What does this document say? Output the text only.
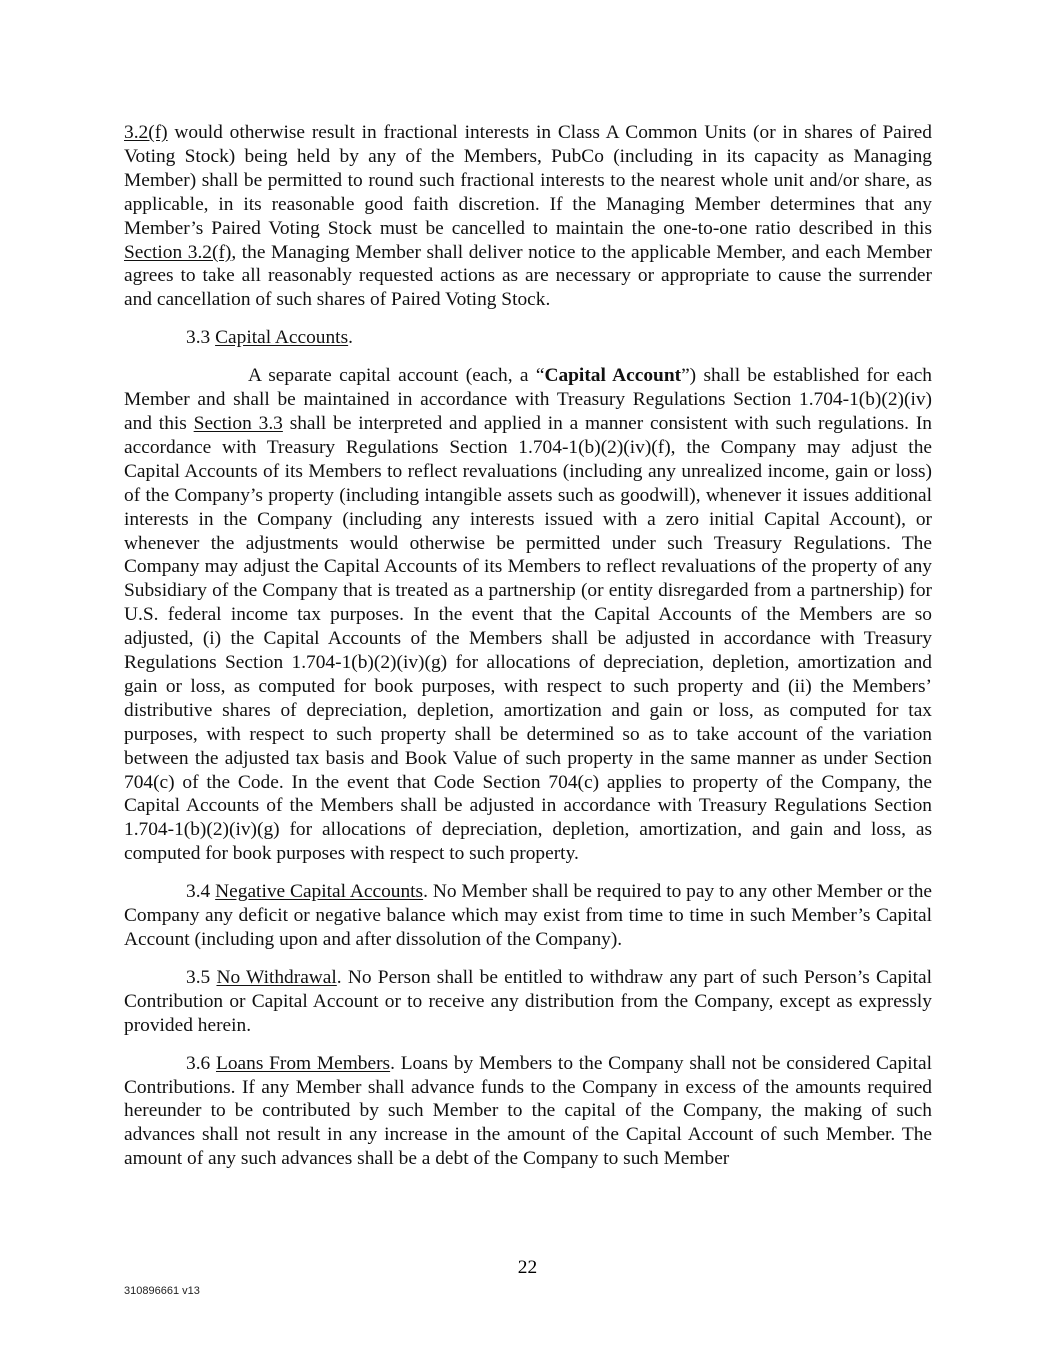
3.2(f) would otherwise result in fractional interests in Class A Common Units (or in shares of Paired Voting Stock) being held by any of the Members, PubCo (including in its capacity as Managing Member) shall be permitted to round such fractional interests to the nearest whole unit and/or share, as applicable, in its reasonable good faith discretion. If the Managing Member determines that any Member’s Paired Voting Stock must be cancelled to maintain the one-to-one ratio described in this Section 3.2(f), the Managing Member shall deliver notice to the applicable Member, and each Member agrees to take all reasonably requested actions as are necessary or appropriate to cause the surrender and cancellation of such shares of Paired Voting Stock.

3.3 Capital Accounts.

A separate capital account (each, a “Capital Account”) shall be established for each Member and shall be maintained in accordance with Treasury Regulations Section 1.704-1(b)(2)(iv) and this Section 3.3 shall be interpreted and applied in a manner consistent with such regulations. In accordance with Treasury Regulations Section 1.704-1(b)(2)(iv)(f), the Company may adjust the Capital Accounts of its Members to reflect revaluations (including any unrealized income, gain or loss) of the Company’s property (including intangible assets such as goodwill), whenever it issues additional interests in the Company (including any interests issued with a zero initial Capital Account), or whenever the adjustments would otherwise be permitted under such Treasury Regulations. The Company may adjust the Capital Accounts of its Members to reflect revaluations of the property of any Subsidiary of the Company that is treated as a partnership (or entity disregarded from a partnership) for U.S. federal income tax purposes. In the event that the Capital Accounts of the Members are so adjusted, (i) the Capital Accounts of the Members shall be adjusted in accordance with Treasury Regulations Section 1.704-1(b)(2)(iv)(g) for allocations of depreciation, depletion, amortization and gain or loss, as computed for book purposes, with respect to such property and (ii) the Members’ distributive shares of depreciation, depletion, amortization and gain or loss, as computed for tax purposes, with respect to such property shall be determined so as to take account of the variation between the adjusted tax basis and Book Value of such property in the same manner as under Section 704(c) of the Code. In the event that Code Section 704(c) applies to property of the Company, the Capital Accounts of the Members shall be adjusted in accordance with Treasury Regulations Section 1.704-1(b)(2)(iv)(g) for allocations of depreciation, depletion, amortization, and gain and loss, as computed for book purposes with respect to such property.

3.4 Negative Capital Accounts. No Member shall be required to pay to any other Member or the Company any deficit or negative balance which may exist from time to time in such Member’s Capital Account (including upon and after dissolution of the Company).

3.5 No Withdrawal. No Person shall be entitled to withdraw any part of such Person’s Capital Contribution or Capital Account or to receive any distribution from the Company, except as expressly provided herein.

3.6 Loans From Members. Loans by Members to the Company shall not be considered Capital Contributions. If any Member shall advance funds to the Company in excess of the amounts required hereunder to be contributed by such Member to the capital of the Company, the making of such advances shall not result in any increase in the amount of the Capital Account of such Member. The amount of any such advances shall be a debt of the Company to such Member

22
310896661 v13
